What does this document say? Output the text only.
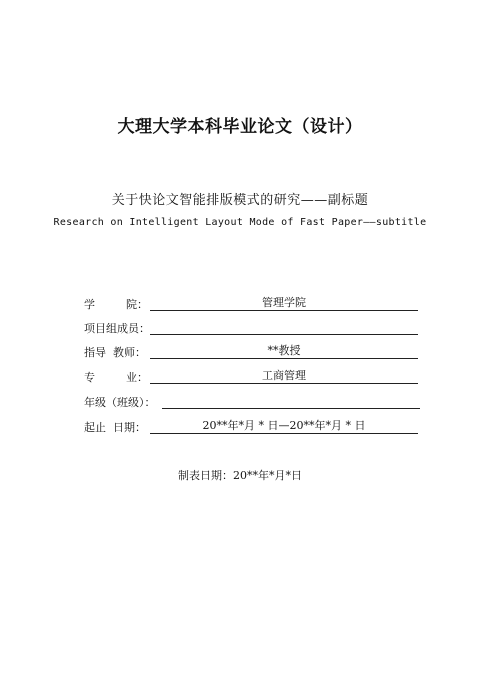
大理大学本科毕业论文（设计）
关于快论文智能排版模式的研究——副标题
Research on Intelligent Layout Mode of Fast Paper——subtitle
学	院：	管理学院
项目组成员：
指导  教师：	**教授
专	业：	工商管理
年级（班级）：
起止  日期：	20**年*月 * 日—20**年*月 * 日
制表日期：20**年*月*日
